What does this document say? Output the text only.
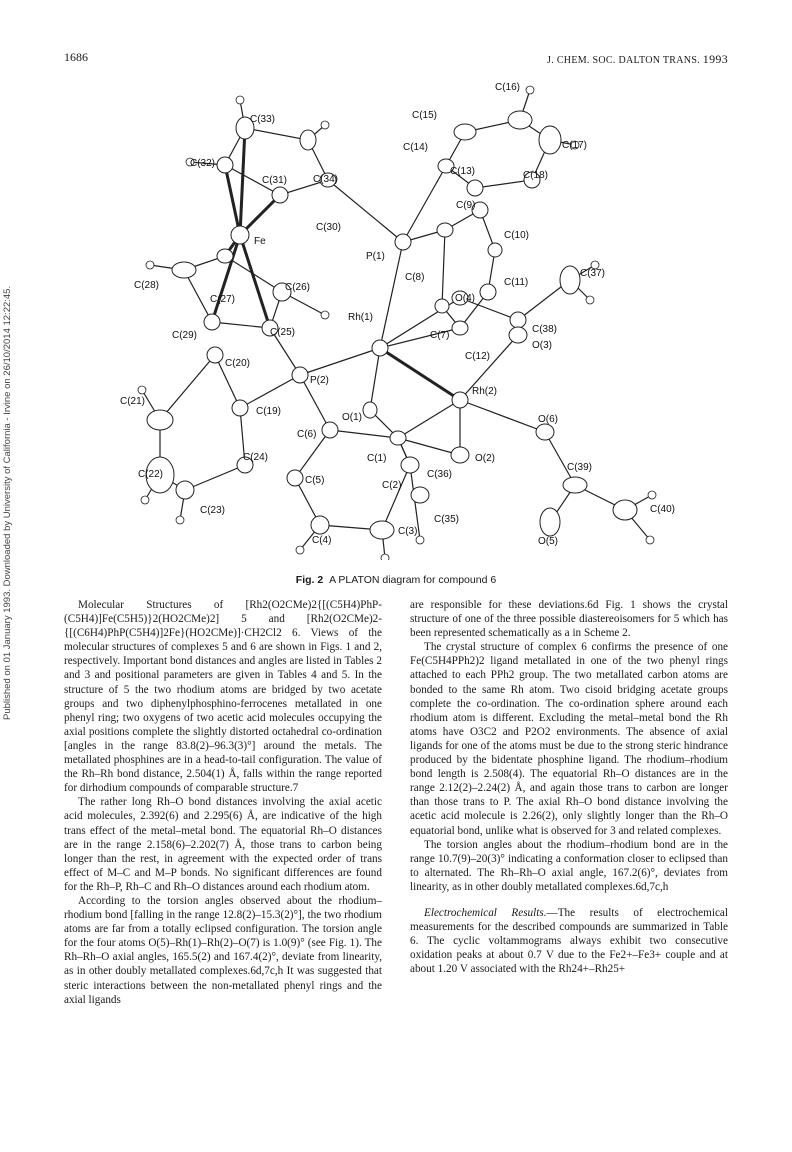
1686	J. CHEM. SOC. DALTON TRANS. 1993
Published on 01 January 1993. Downloaded by University of California - Irvine on 26/10/2014 12:22:45.
C(16)
C(15)
C(17)
C(33)
C(14)
C(32)
C(13)	C(18)
C(31)	C(34)
C(9)
C(30)
C(10)
Fe
P(1)
C(8)	C(37)
C(28)
C(27)
C(26)	C(11)
O(4)
Rh(1)
C(25)	C(7)
C(38)
C(29)
O(3)
C(12)
C(20)
P(2)
Rh(2)
C(21)
C(19)
O(6)
O(1)
C(6)
C(1)	O(2)
C(24)
C(36)
C(39)
C(22)
C(5)	C(2)
C(23)
C(35)
C(40)
C(4)
C(3)
O(5)
Fig. 2 A PLATON diagram for compound 6

Molecular Structures of [Rh2(O2CMe)2{[(C5H4)PhP-(C5H4)]Fe(C5H5)}2(HO2CMe)2] 5 and [Rh2(O2CMe)2-{[(C6H4)PhP(C5H4)]2Fe}(HO2CMe)]·CH2Cl2 6. Views of the molecular structures of complexes 5 and 6 are shown in Figs. 1 and 2, respectively. Important bond distances and angles are listed in Tables 2 and 3 and positional parameters are given in Tables 4 and 5. In the structure of 5 the two rhodium atoms are bridged by two acetate groups and two diphenylphosphino-ferrocenes metallated in one phenyl ring; two oxygens of two acetic acid molecules occupying the axial positions complete the slightly distorted octahedral co-ordination [angles in the range 83.8(2)–96.3(3)°] around the metals. The metallated phosphines are in a head-to-tail configuration. The value of the Rh–Rh bond distance, 2.504(1) Å, falls within the range reported for dirhodium compounds of comparable structure.7

The rather long Rh–O bond distances involving the axial acetic acid molecules, 2.392(6) and 2.295(6) Å, are indicative of the high trans effect of the metal–metal bond. The equatorial Rh–O distances are in the range 2.158(6)–2.202(7) Å, those trans to carbon being longer than the rest, in agreement with the expected order of trans effect of M–C and M–P bonds. No significant differences are found for the Rh–P, Rh–C and Rh–O distances around each rhodium atom.

According to the torsion angles observed about the rhodium–rhodium bond [falling in the range 12.8(2)–15.3(2)°], the two rhodium atoms are far from a totally eclipsed configuration. The torsion angle for the four atoms O(5)–Rh(1)–Rh(2)–O(7) is 1.0(9)° (see Fig. 1). The Rh–Rh–O axial angles, 165.5(2) and 167.4(2)°, deviate from linearity, as in other doubly metallated complexes.6d,7c,h It was suggested that steric interactions between the non-metallated phenyl rings and the axial ligands

are responsible for these deviations.6d Fig. 1 shows the crystal structure of one of the three possible diastereoisomers for 5 which has been represented schematically as a in Scheme 2.

The crystal structure of complex 6 confirms the presence of one Fe(C5H4PPh2)2 ligand metallated in one of the two phenyl rings attached to each PPh2 group. The two metallated carbon atoms are bonded to the same Rh atom. Two cisoid bridging acetate groups complete the co-ordination. The co-ordination sphere around each rhodium atom is different. Excluding the metal–metal bond the Rh atoms have O3C2 and P2O2 environments. The absence of axial ligands for one of the atoms must be due to the strong steric hindrance produced by the bidentate phosphine ligand. The rhodium–rhodium bond length is 2.508(4). The equatorial Rh–O distances are in the range 2.12(2)–2.24(2) Å, and again those trans to carbon are longer than those trans to P. The axial Rh–O bond distance involving the acetic acid molecule is 2.26(2), only slightly longer than the Rh–O equatorial bond, unlike what is observed for 3 and related complexes.

The torsion angles about the rhodium–rhodium bond are in the range 10.7(9)–20(3)° indicating a conformation closer to eclipsed than to alternated. The Rh–Rh–O axial angle, 167.2(6)°, deviates from linearity, as in other doubly metallated complexes.6d,7c,h

Electrochemical Results.—The results of electrochemical measurements for the described compounds are summarized in Table 6. The cyclic voltammograms always exhibit two consecutive oxidation peaks at about 0.7 V due to the Fe2+–Fe3+ couple and at about 1.20 V associated with the Rh24+–Rh25+
